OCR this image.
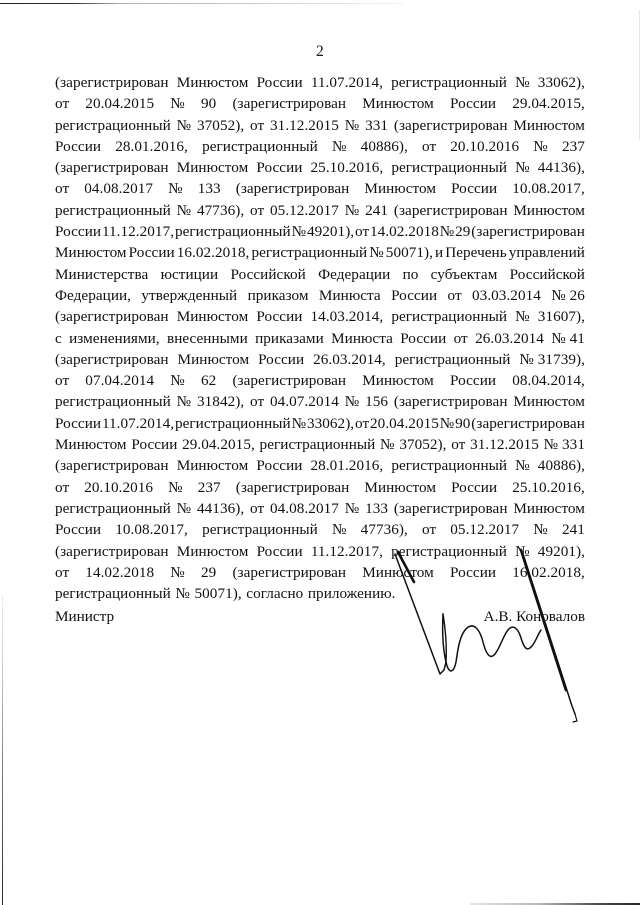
2
(зарегистрирован Минюстом России 11.07.2014, регистрационный № 33062),
от 20.04.2015 № 90 (зарегистрирован Минюстом России 29.04.2015,
регистрационный № 37052), от 31.12.2015 № 331 (зарегистрирован Минюстом
России 28.01.2016, регистрационный № 40886), от 20.10.2016 № 237
(зарегистрирован Минюстом России 25.10.2016, регистрационный № 44136),
от 04.08.2017 № 133 (зарегистрирован Минюстом России 10.08.2017,
регистрационный № 47736), от 05.12.2017 № 241 (зарегистрирован Минюстом
России 11.12.2017, регистрационный № 49201), от 14.02.2018 № 29 (зарегистрирован
Минюстом России 16.02.2018, регистрационный № 50071), и Перечень управлений
Министерства юстиции Российской Федерации по субъектам Российской
Федерации, утвержденный приказом Минюста России от 03.03.2014 № 26
(зарегистрирован Минюстом России 14.03.2014, регистрационный № 31607),
с изменениями, внесенными приказами Минюста России от 26.03.2014 № 41
(зарегистрирован Минюстом России 26.03.2014, регистрационный № 31739),
от 07.04.2014 № 62 (зарегистрирован Минюстом России 08.04.2014,
регистрационный № 31842), от 04.07.2014 № 156 (зарегистрирован Минюстом
России 11.07.2014, регистрационный № 33062), от 20.04.2015 № 90 (зарегистрирован
Минюстом России 29.04.2015, регистрационный № 37052), от 31.12.2015 № 331
(зарегистрирован Минюстом России 28.01.2016, регистрационный № 40886),
от 20.10.2016 № 237 (зарегистрирован Минюстом России 25.10.2016,
регистрационный № 44136), от 04.08.2017 № 133 (зарегистрирован Минюстом
России 10.08.2017, регистрационный № 47736), от 05.12.2017 № 241
(зарегистрирован Минюстом России 11.12.2017, регистрационный № 49201),
от 14.02.2018 № 29 (зарегистрирован Минюстом России 16.02.2018,
регистрационный № 50071), согласно приложению.
Министр	А.В. Коновалов
